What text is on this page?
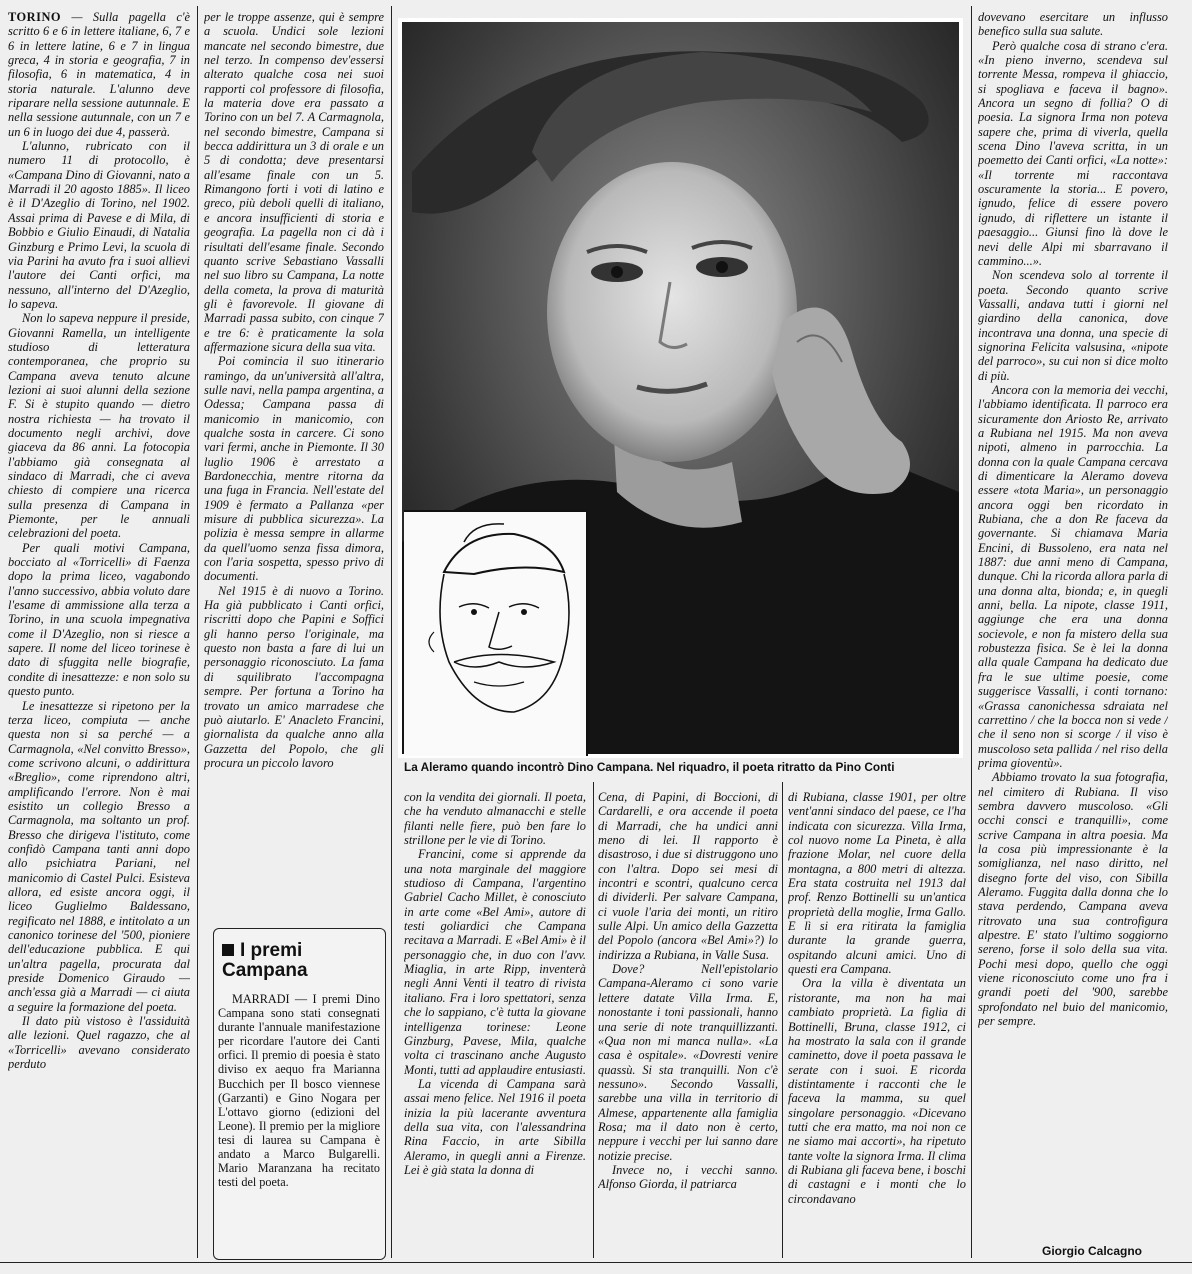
TORINO — Sulla pagella c'è scritto 6 e 6 in lettere italiane, 6, 7 e 6 in lettere latine, 6 e 7 in lingua greca, 4 in storia e geografia, 7 in filosofia, 6 in matematica, 4 in storia naturale. L'alunno deve riparare nella sessione autunnale. E nella sessione autunnale, con un 7 e un 6 in luogo dei due 4, passerà.

L'alunno, rubricato con il numero 11 di protocollo, è «Campana Dino di Giovanni, nato a Marradi il 20 agosto 1885». Il liceo è il D'Azeglio di Torino, nel 1902. Assai prima di Pavese e di Mila, di Bobbio e Giulio Einaudi, di Natalia Ginzburg e Primo Levi, la scuola di via Parini ha avuto fra i suoi allievi l'autore dei Canti orfici, ma nessuno, all'interno del D'Azeglio, lo sapeva.

Non lo sapeva neppure il preside, Giovanni Ramella, un intelligente studioso di letteratura contemporanea, che proprio su Campana aveva tenuto alcune lezioni ai suoi alunni della sezione F. Si è stupito quando — dietro nostra richiesta — ha trovato il documento negli archivi, dove giaceva da 86 anni. La fotocopia l'abbiamo già consegnata al sindaco di Marradi, che ci aveva chiesto di compiere una ricerca sulla presenza di Campana in Piemonte, per le annuali celebrazioni del poeta.

Per quali motivi Campana, bocciato al «Torricelli» di Faenza dopo la prima liceo, vagabondo l'anno successivo, abbia voluto dare l'esame di ammissione alla terza a Torino, in una scuola impegnativa come il D'Azeglio, non si riesce a sapere. Il nome del liceo torinese è dato di sfuggita nelle biografie, condite di inesattezze: e non solo su questo punto.

Le inesattezze si ripetono per la terza liceo, compiuta — anche questa non si sa perché — a Carmagnola, «Nel convitto Bresso», come scrivono alcuni, o addirittura «Breglio», come riprendono altri, amplificando l'errore. Non è mai esistito un collegio Bresso a Carmagnola, ma soltanto un prof. Bresso che dirigeva l'istituto, come confidò Campana tanti anni dopo allo psichiatra Pariani, nel manicomio di Castel Pulci. Esisteva allora, ed esiste ancora oggi, il liceo Guglielmo Baldessano, regificato nel 1888, e intitolato a un canonico torinese del '500, pioniere dell'educazione pubblica. E qui un'altra pagella, procurata dal preside Domenico Giraudo — anch'essa già a Marradi — ci aiuta a seguire la formazione del poeta.

Il dato più vistoso è l'assiduità alle lezioni. Quel ragazzo, che al «Torricelli» avevano considerato perduto

per le troppe assenze, qui è sempre a scuola. Undici sole lezioni mancate nel secondo bimestre, due nel terzo. In compenso dev'essersi alterato qualche cosa nei suoi rapporti col professore di filosofia, la materia dove era passato a Torino con un bel 7. A Carmagnola, nel secondo bimestre, Campana si becca addirittura un 3 di orale e un 5 di condotta; deve presentarsi all'esame finale con un 5. Rimangono forti i voti di latino e greco, più deboli quelli di italiano, e ancora insufficienti di storia e geografia. La pagella non ci dà i risultati dell'esame finale. Secondo quanto scrive Sebastiano Vassalli nel suo libro su Campana, La notte della cometa, la prova di maturità gli è favorevole. Il giovane di Marradi passa subito, con cinque 7 e tre 6: è praticamente la sola affermazione sicura della sua vita.

Poi comincia il suo itinerario ramingo, da un'università all'altra, sulle navi, nella pampa argentina, a Odessa; Campana passa di manicomio in manicomio, con qualche sosta in carcere. Ci sono vari fermi, anche in Piemonte. Il 30 luglio 1906 è arrestato a Bardonecchia, mentre ritorna da una fuga in Francia. Nell'estate del 1909 è fermato a Pallanza «per misure di pubblica sicurezza». La polizia è messa sempre in allarme da quell'uomo senza fissa dimora, con l'aria sospetta, spesso privo di documenti.

Nel 1915 è di nuovo a Torino. Ha già pubblicato i Canti orfici, riscritti dopo che Papini e Soffici gli hanno perso l'originale, ma questo non basta a fare di lui un personaggio riconosciuto. La fama di squilibrato l'accompagna sempre. Per fortuna a Torino ha trovato un amico marradese che può aiutarlo. E' Anacleto Francini, giornalista da qualche anno alla Gazzetta del Popolo, che gli procura un piccolo lavoro	La Aleramo quando incontrò Dino Campana. Nel riquadro, il poeta ritratto da Pino Conti

con la vendita dei giornali. Il poeta, che ha venduto almanacchi e stelle filanti nelle fiere, può ben fare lo strillone per le vie di Torino.

Francini, come si apprende da una nota marginale del maggiore studioso di Campana, l'argentino Gabriel Cacho Millet, è conosciuto in arte come «Bel Ami», autore di testi goliardici che Campana recitava a Marradi. E «Bel Ami» è il personaggio che, in duo con l'avv. Miaglia, in arte Ripp, inventerà negli Anni Venti il teatro di rivista italiano. Fra i loro spettatori, senza che lo sappiano, c'è tutta la giovane intelligenza torinese: Leone Ginzburg, Pavese, Mila, qualche volta ci trascinano anche Augusto Monti, tutti ad applaudire entusiasti.

La vicenda di Campana sarà assai meno felice. Nel 1916 il poeta inizia la più lacerante avventura della sua vita, con l'alessandrina Rina Faccio, in arte Sibilla Aleramo, in quegli anni a Firenze. Lei è già stata la donna di

Cena, di Papini, di Boccioni, di Cardarelli, e ora accende il poeta di Marradi, che ha undici anni meno di lei. Il rapporto è disastroso, i due si distruggono uno con l'altra. Dopo sei mesi di incontri e scontri, qualcuno cerca di dividerli. Per salvare Campana, ci vuole l'aria dei monti, un ritiro sulle Alpi. Un amico della Gazzetta del Popolo (ancora «Bel Ami»?) lo indirizza a Rubiana, in Valle Susa.

Dove? Nell'epistolario Campana-Aleramo ci sono varie lettere datate Villa Irma. E, nonostante i toni passionali, hanno una serie di note tranquillizzanti. «Qua non mi manca nulla». «La casa è ospitale». «Dovresti venire quassù. Si sta tranquilli. Non c'è nessuno». Secondo Vassalli, sarebbe una villa in territorio di Almese, appartenente alla famiglia Rosa; ma il dato non è certo, neppure i vecchi per lui sanno dare notizie precise.

Invece no, i vecchi sanno. Alfonso Giorda, il patriarca

di Rubiana, classe 1901, per oltre vent'anni sindaco del paese, ce l'ha indicata con sicurezza. Villa Irma, col nuovo nome La Pineta, è alla frazione Molar, nel cuore della montagna, a 800 metri di altezza. Era stata costruita nel 1913 dal prof. Renzo Bottinelli su un'antica proprietà della moglie, Irma Gallo. E lì si era ritirata la famiglia durante la grande guerra, ospitando alcuni amici. Uno di questi era Campana.

Ora la villa è diventata un ristorante, ma non ha mai cambiato proprietà. La figlia di Bottinelli, Bruna, classe 1912, ci ha mostrato la sala con il grande caminetto, dove il poeta passava le serate con i suoi. E ricorda distintamente i racconti che le faceva la mamma, su quel singolare personaggio. «Dicevano tutti che era matto, ma noi non ce ne siamo mai accorti», ha ripetuto tante volte la signora Irma. Il clima di Rubiana gli faceva bene, i boschi di castagni e i monti che lo circondavano

dovevano esercitare un influsso benefico sulla sua salute.

Però qualche cosa di strano c'era. «In pieno inverno, scendeva sul torrente Messa, rompeva il ghiaccio, si spogliava e faceva il bagno». Ancora un segno di follia? O di poesia. La signora Irma non poteva sapere che, prima di viverla, quella scena Dino l'aveva scritta, in un poemetto dei Canti orfici, «La notte»: «Il torrente mi raccontava oscuramente la storia... E povero, ignudo, felice di essere povero ignudo, di riflettere un istante il paesaggio... Giunsi fino là dove le nevi delle Alpi mi sbarravano il cammino...».

Non scendeva solo al torrente il poeta. Secondo quanto scrive Vassalli, andava tutti i giorni nel giardino della canonica, dove incontrava una donna, una specie di signorina Felicita valsusina, «nipote del parroco», su cui non si dice molto di più.

Ancora con la memoria dei vecchi, l'abbiamo identificata. Il parroco era sicuramente don Ariosto Re, arrivato a Rubiana nel 1915. Ma non aveva nipoti, almeno in parrocchia. La donna con la quale Campana cercava di dimenticare la Aleramo doveva essere «tota Maria», un personaggio ancora oggi ben ricordato in Rubiana, che a don Re faceva da governante. Si chiamava Maria Encini, di Bussoleno, era nata nel 1887: due anni meno di Campana, dunque. Chi la ricorda allora parla di una donna alta, bionda; e, in quegli anni, bella. La nipote, classe 1911, aggiunge che era una donna socievole, e non fa mistero della sua robustezza fisica. Se è lei la donna alla quale Campana ha dedicato due fra le sue ultime poesie, come suggerisce Vassalli, i conti tornano: «Grassa canonichessa sdraiata nel carrettino / che la bocca non si vede / che il seno non si scorge / il viso è muscoloso seta pallida / nel riso della prima gioventù».

Abbiamo trovato la sua fotografia, nel cimitero di Rubiana. Il viso sembra davvero muscoloso. «Gli occhi consci e tranquilli», come scrive Campana in altra poesia. Ma la cosa più impressionante è la somiglianza, nel naso diritto, nel disegno forte del viso, con Sibilla Aleramo. Fuggita dalla donna che lo stava perdendo, Campana aveva ritrovato una sua controfigura alpestre. E' stato l'ultimo soggiorno sereno, forse il solo della sua vita. Pochi mesi dopo, quello che oggi viene riconosciuto come uno fra i grandi poeti del '900, sarebbe sprofondato nel buio del manicomio, per sempre.

Giorgio Calcagno
I premi Campana

MARRADI — I premi Dino Campana sono stati consegnati durante l'annuale manifestazione per ricordare l'autore dei Canti orfici. Il premio di poesia è stato diviso ex aequo fra Marianna Bucchich per Il bosco viennese (Garzanti) e Gino Nogara per L'ottavo giorno (edizioni del Leone). Il premio per la migliore tesi di laurea su Campana è andato a Marco Bulgarelli. Mario Maranzana ha recitato testi del poeta.
